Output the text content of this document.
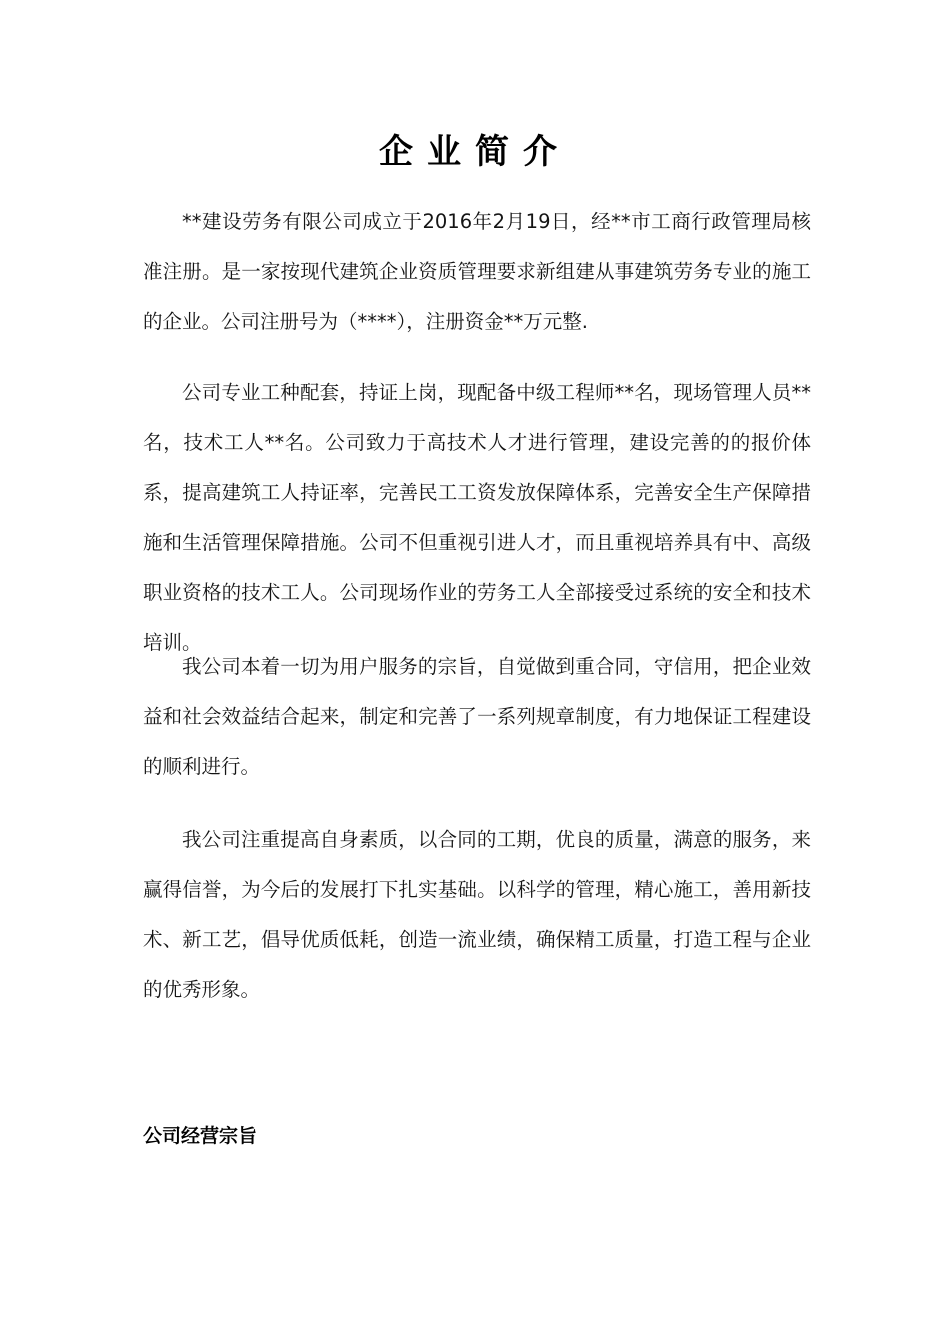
企业简介

**建设劳务有限公司成立于2016年2月19日，经**市工商行政管理局核准注册。是一家按现代建筑企业资质管理要求新组建从事建筑劳务专业的施工的企业。公司注册号为（****），注册资金**万元整.

公司专业工种配套，持证上岗，现配备中级工程师**名，现场管理人员**名，技术工人**名。公司致力于高技术人才进行管理，建设完善的的报价体系，提高建筑工人持证率，完善民工工资发放保障体系，完善安全生产保障措施和生活管理保障措施。公司不但重视引进人才，而且重视培养具有中、高级职业资格的技术工人。公司现场作业的劳务工人全部接受过系统的安全和技术培训。

我公司本着一切为用户服务的宗旨，自觉做到重合同，守信用，把企业效益和社会效益结合起来，制定和完善了一系列规章制度，有力地保证工程建设的顺利进行。

我公司注重提高自身素质，以合同的工期，优良的质量，满意的服务，来赢得信誉，为今后的发展打下扎实基础。以科学的管理，精心施工，善用新技术、新工艺，倡导优质低耗，创造一流业绩，确保精工质量，打造工程与企业的优秀形象。

公司经营宗旨
